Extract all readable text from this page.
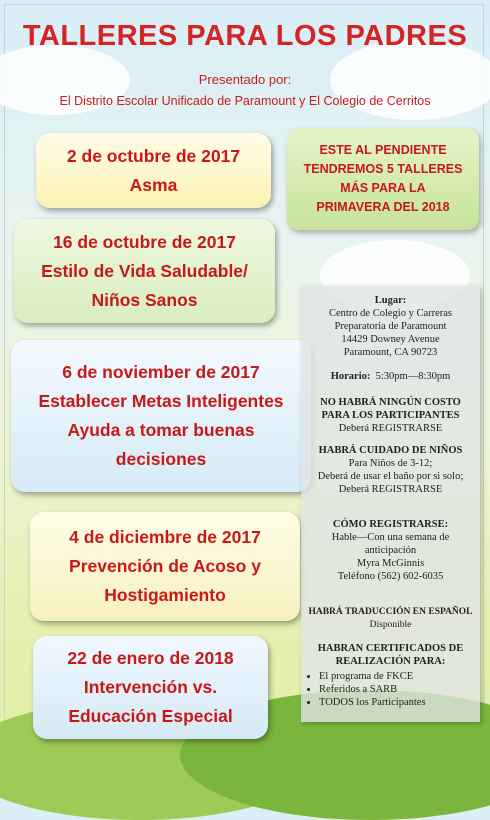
TALLERES PARA LOS PADRES
Presentado por:
El Distrito Escolar Unificado de Paramount y El Colegio de Cerritos
2 de octubre de 2017
Asma
16 de octubre de 2017
Estilo de Vida Saludable/
Niños Sanos
6 de noviember de 2017
Establecer Metas Inteligentes
Ayuda a tomar buenas
decisiones
4 de diciembre de 2017
Prevención de Acoso y
Hostigamiento
22 de enero de 2018
Intervención vs.
Educación Especial
ESTE AL PENDIENTE
TENDREMOS 5 TALLERES
MÁS PARA LA
PRIMAVERA DEL 2018

Lugar:

Centro de Colegio y Carreras

Preparatoria de Paramount

14429 Downey Avenue

Paramount, CA 90723

Horario: 5:30pm—8:30pm

NO HABRÁ NINGÚN COSTO

PARA LOS PARTICIPANTES

Deberá REGISTRARSE

HABRÁ CUIDADO DE NIÑOS

Para Niños de 3-12;

Deberá de usar el baño por si solo;

Deberá REGISTRARSE

CÓMO REGISTRARSE:

Hable—Con una semana de

anticipación

Myra McGinnis

Teléfono (562) 602-6035

HABRÁ TRADUCCIÓN EN ESPAÑOL

Disponible

HABRAN CERTIFICADOS DE

REALIZACIÓN PARA:

• El programa de FKCE
• Referidos a SARB
• TODOS los Participantes
